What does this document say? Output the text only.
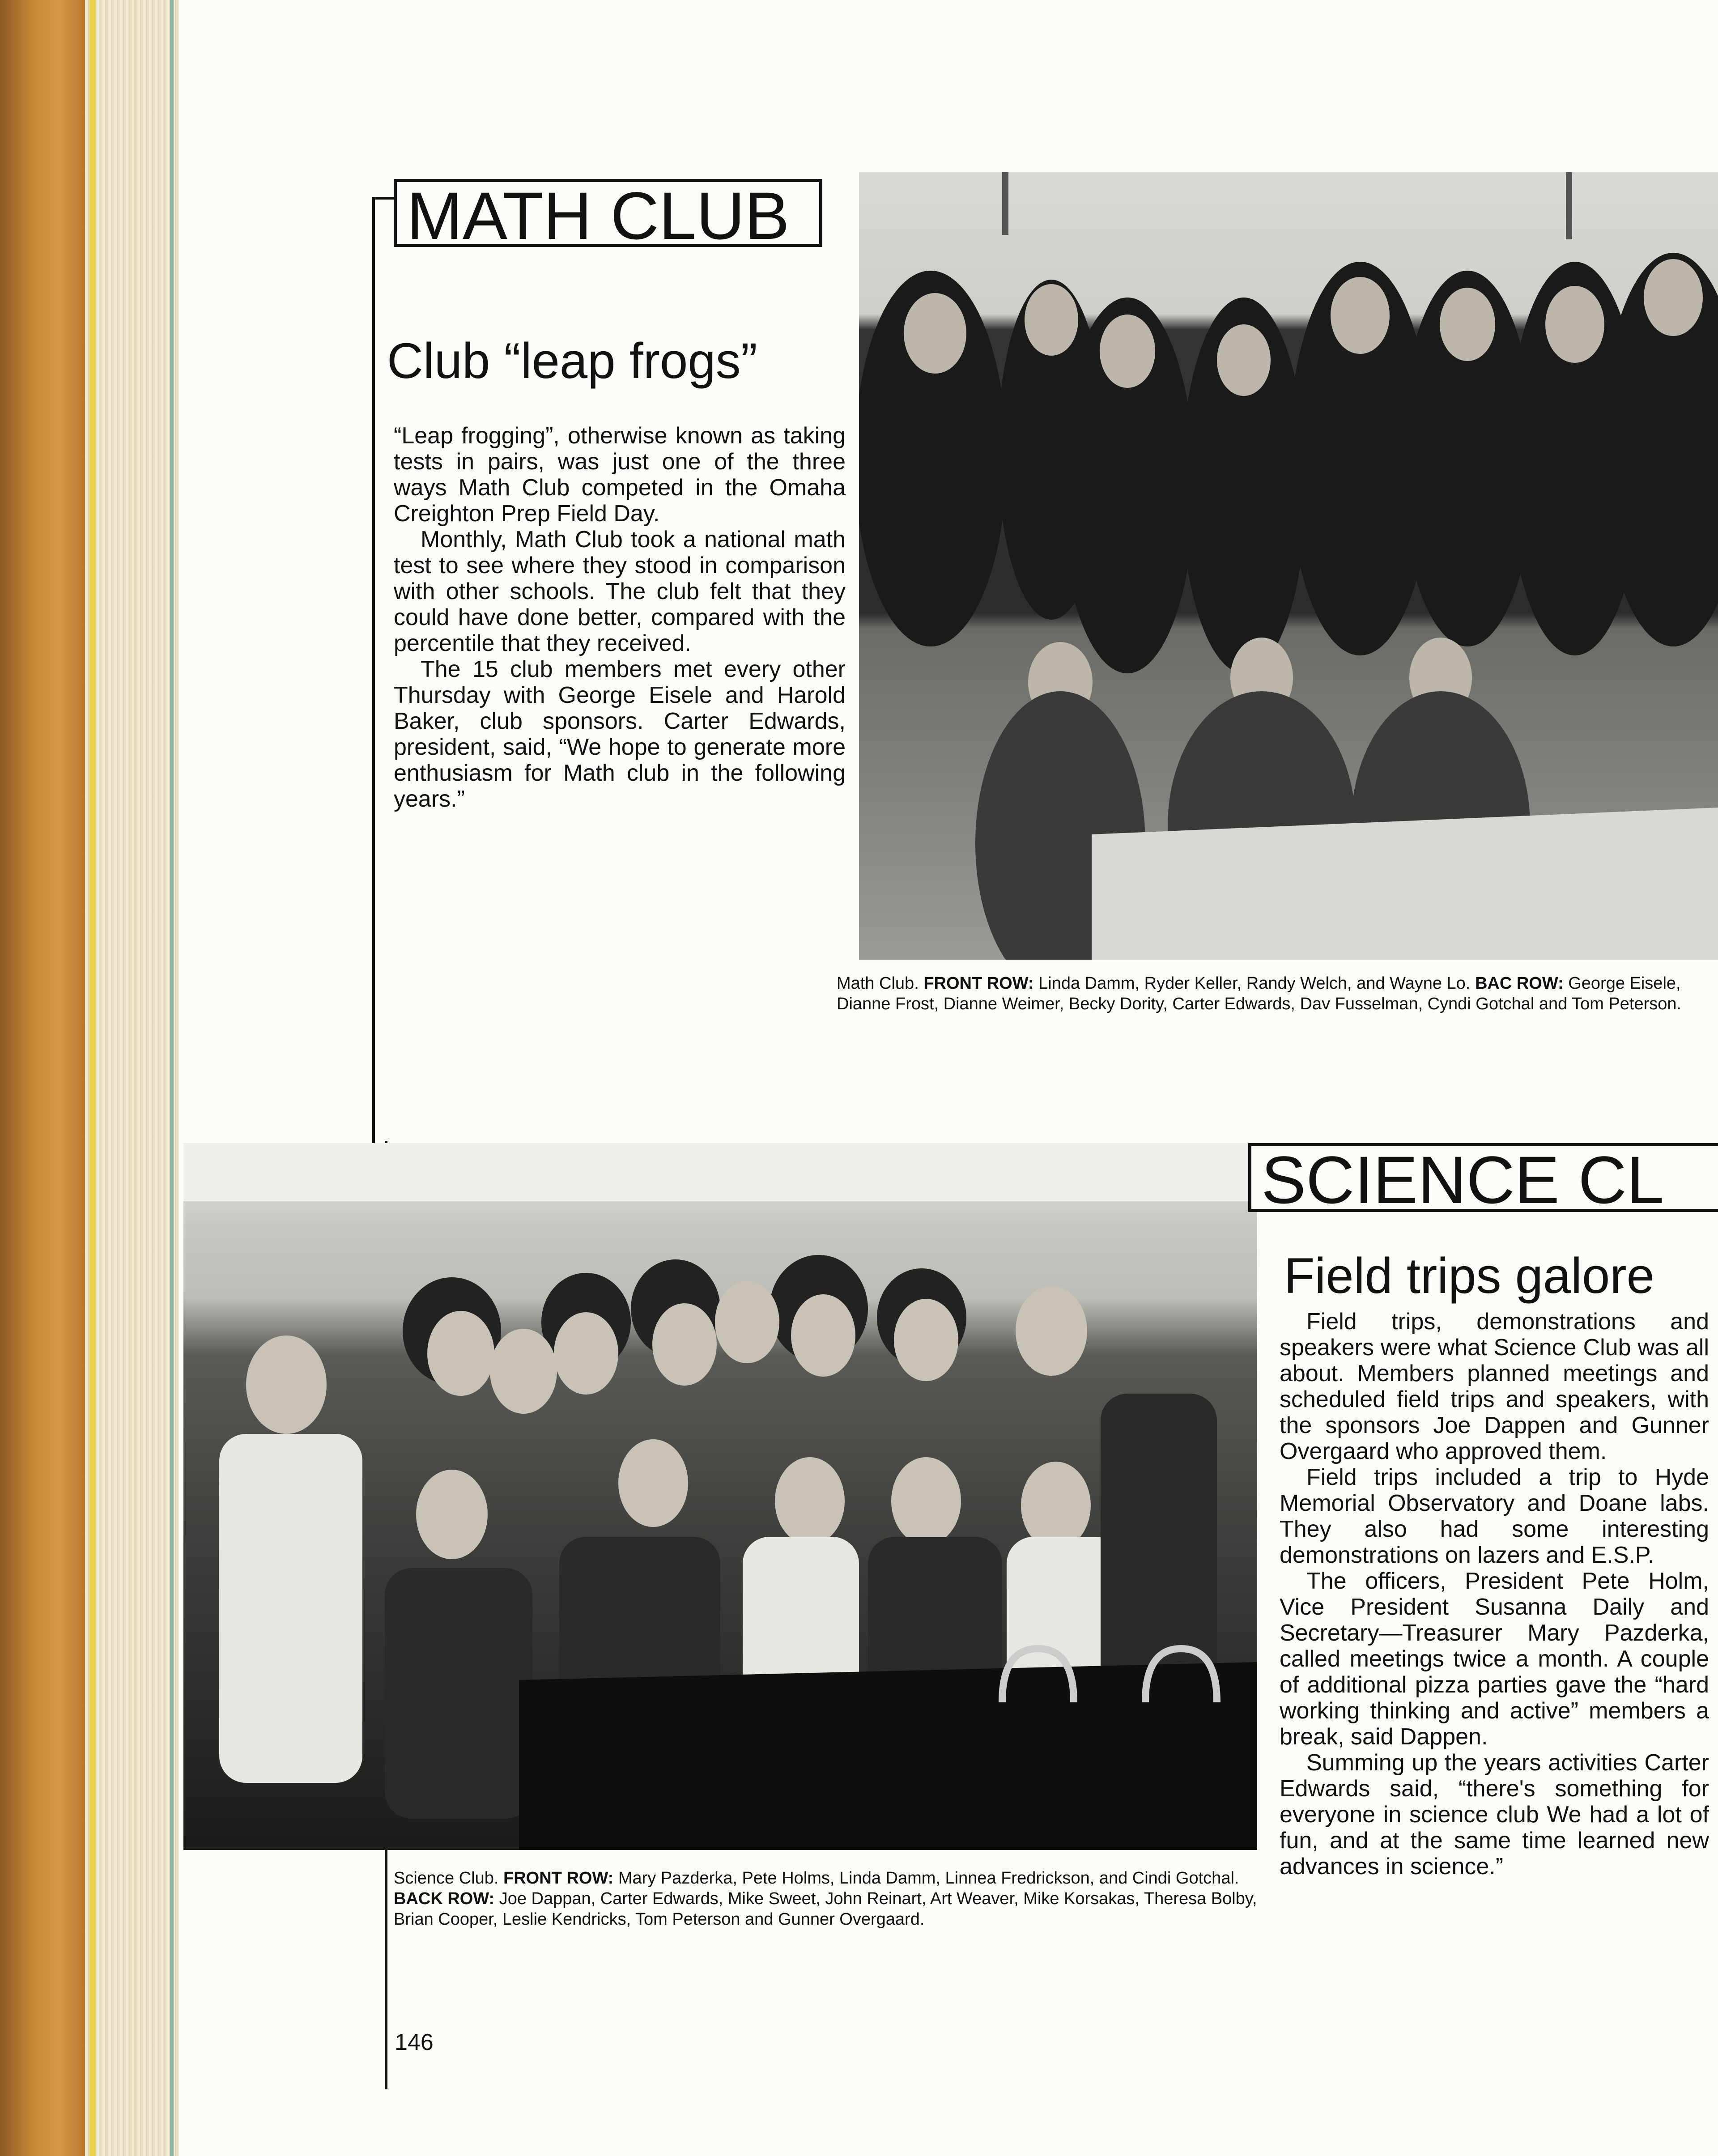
MATH CLUB
Club “leap frogs”

“Leap frogging”, otherwise known as taking tests in pairs, was just one of the three ways Math Club competed in the Omaha Creighton Prep Field Day.

Monthly, Math Club took a national math test to see where they stood in comparison with other schools. The club felt that they could have done better, compared with the percentile that they received.

The 15 club members met every other Thursday with George Eisele and Harold Baker, club sponsors. Carter Edwards, president, said, “We hope to generate more enthusiasm for Math club in the following years.”

Math Club. FRONT ROW: Linda Damm, Ryder Keller, Randy Welch, and Wayne Lo. BAC ROW: George Eisele, Dianne Frost, Dianne Weimer, Becky Dority, Carter Edwards, Dav Fusselman, Cyndi Gotchal and Tom Peterson.
SCIENCE CL
Field trips galore

Field trips, demonstrations and speakers were what Science Club was all about. Members planned meetings and scheduled field trips and speakers, with the sponsors Joe Dappen and Gunner Overgaard who approved them.

Field trips included a trip to Hyde Memorial Observatory and Doane labs. They also had some interesting demonstrations on lazers and E.S.P.

The officers, President Pete Holm, Vice President Susanna Daily and Secretary—Treasurer Mary Pazderka, called meetings twice a month. A couple of additional pizza parties gave the “hard working thinking and active” members a break, said Dappen.

Summing up the years activities Carter Edwards said, “there's something for everyone in science club We had a lot of fun, and at the same time learned new advances in science.”

Science Club. FRONT ROW: Mary Pazderka, Pete Holms, Linda Damm, Linnea Fredrickson, and Cindi Gotchal. BACK ROW: Joe Dappan, Carter Edwards, Mike Sweet, John Reinart, Art Weaver, Mike Korsakas, Theresa Bolby, Brian Cooper, Leslie Kendricks, Tom Peterson and Gunner Overgaard.
146
